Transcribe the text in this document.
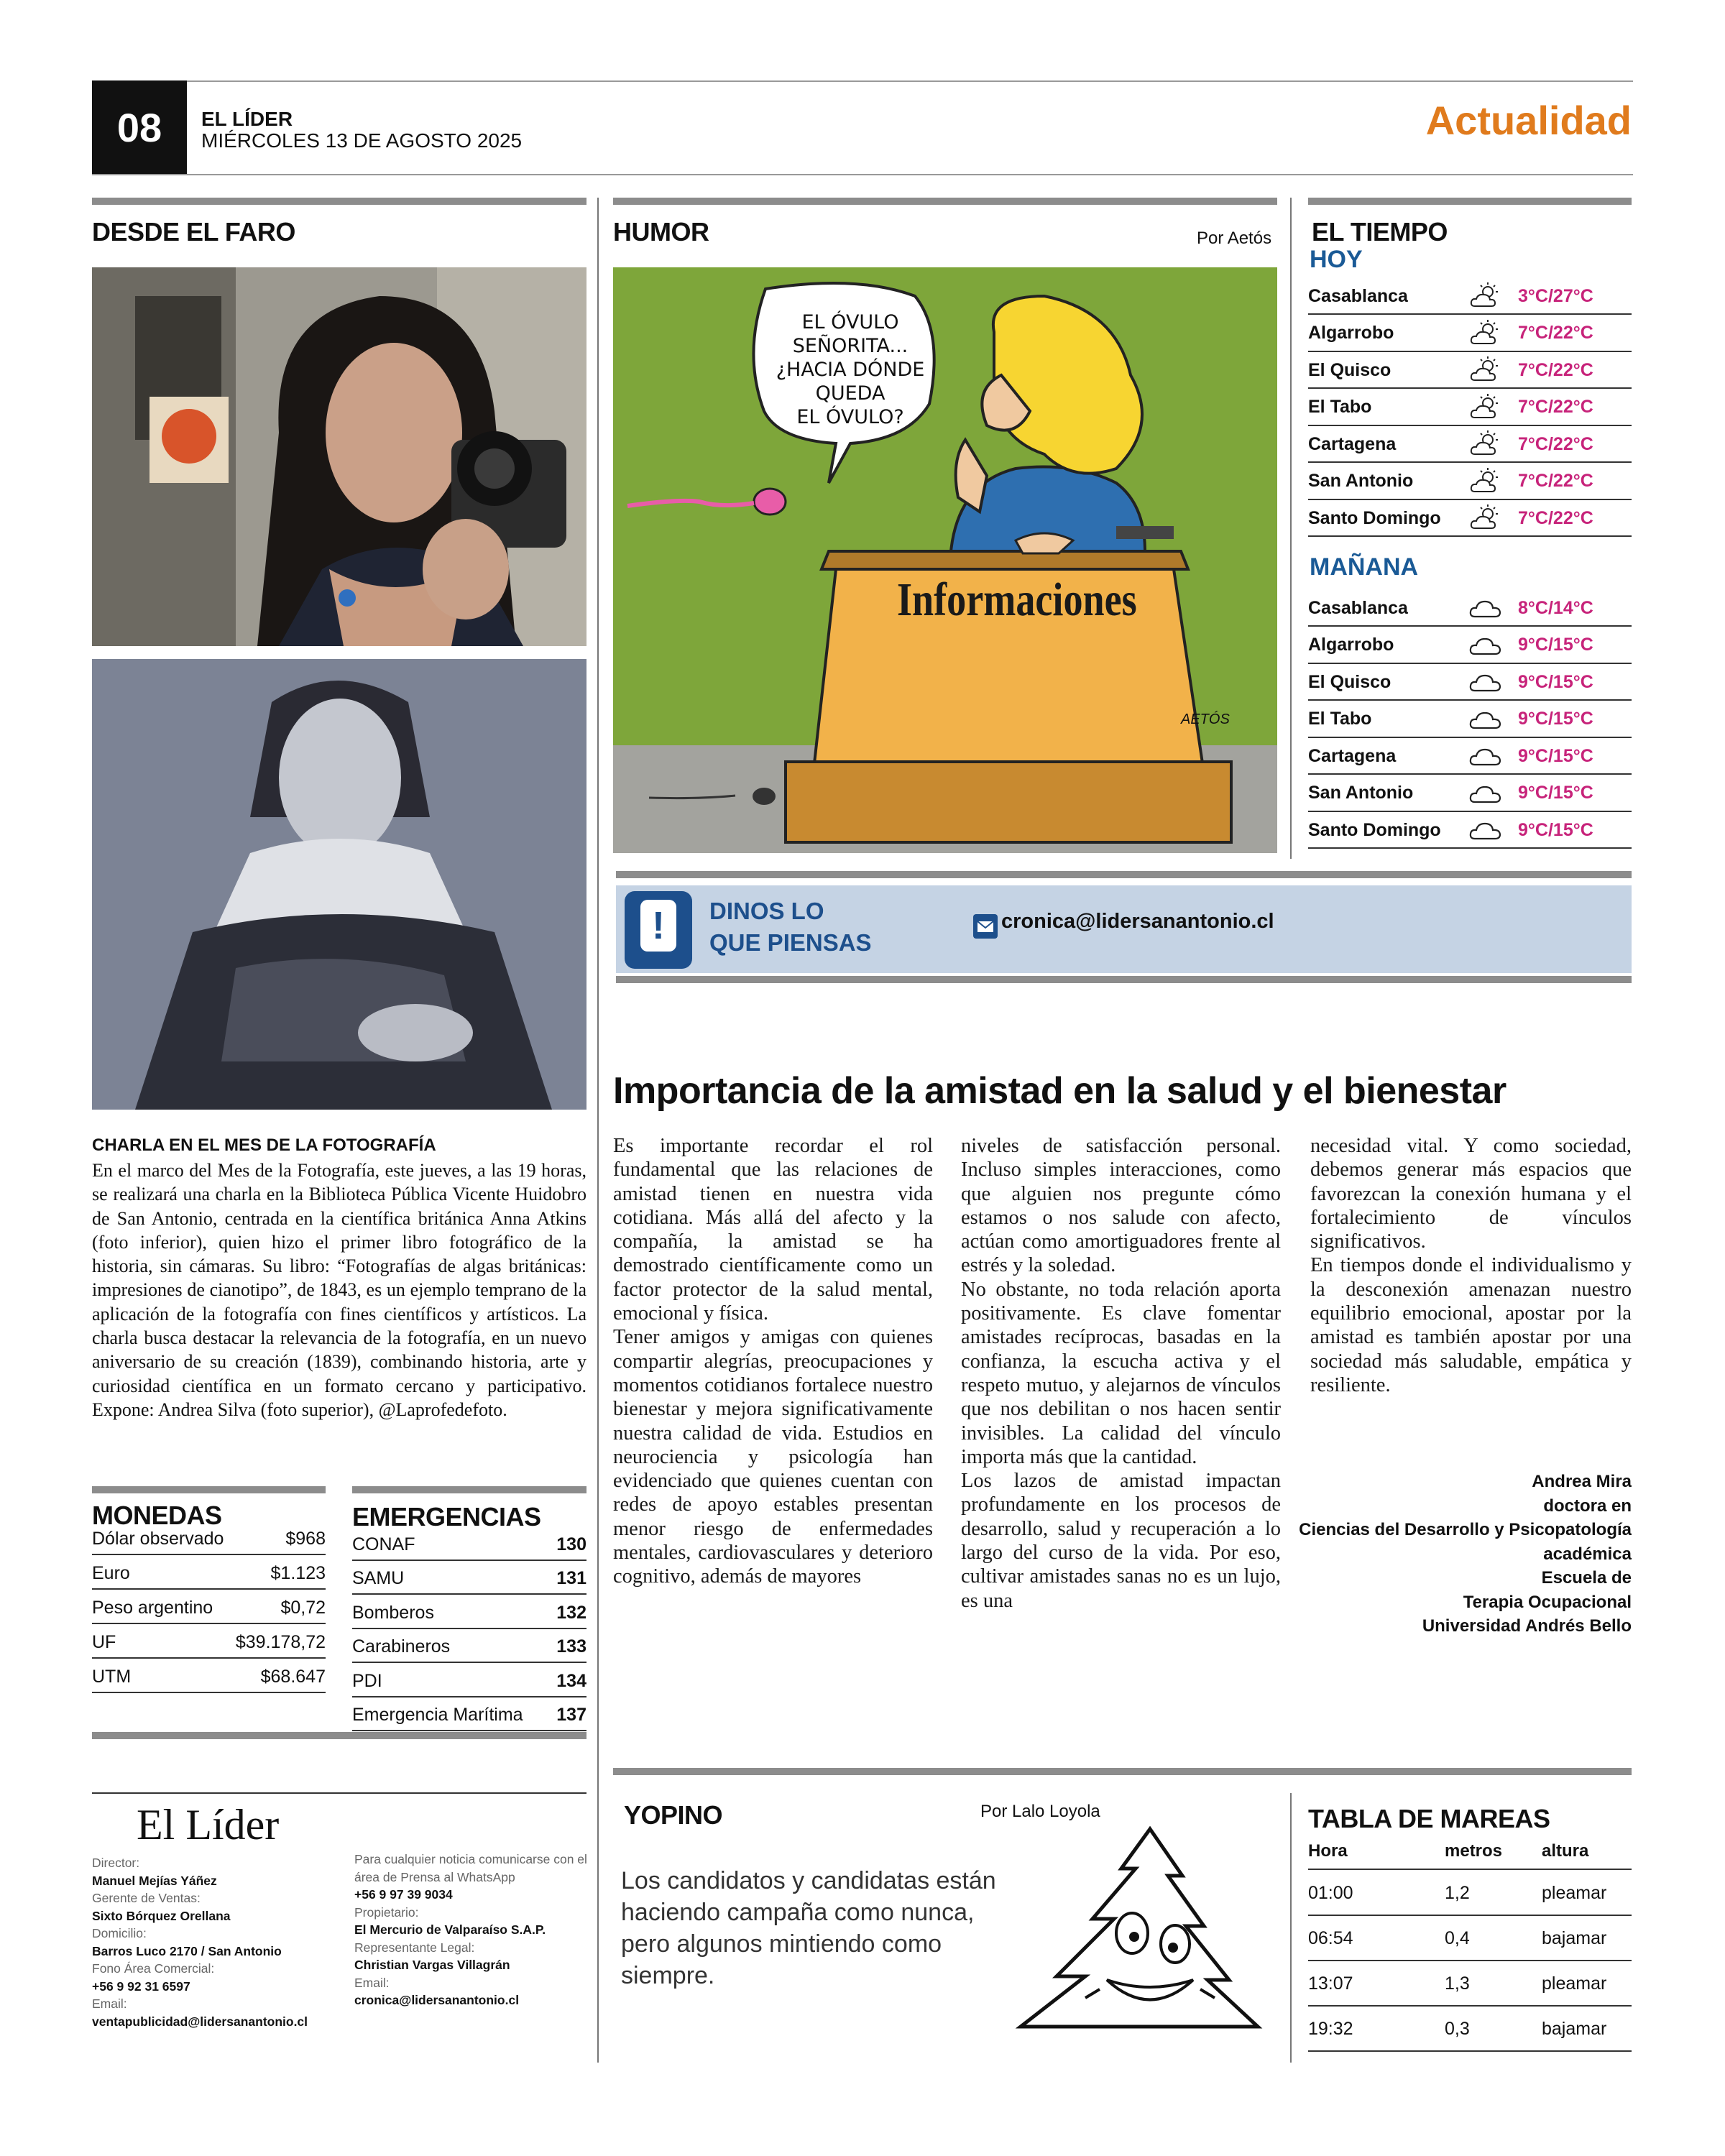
08	EL LÍDER
MIÉRCOLES 13 DE AGOSTO 2025	Actualidad
DESDE EL FARO
CHARLA EN EL MES DE LA FOTOGRAFÍA
En el marco del Mes de la Fotografía, este jueves, a las 19 horas, se realizará una charla en la Biblioteca Pública Vicente Huidobro de San Antonio, centrada en la científica británica Anna Atkins (foto inferior), quien hizo el primer libro fotográfico de la historia, sin cámaras. Su libro: “Fotografías de algas británicas: impresiones de cianotipo”, de 1843, es un ejemplo temprano de la aplicación de la fotografía con fines científicos y artísticos. La charla busca destacar la relevancia de la fotografía, en un nuevo aniversario de su creación (1839), combinando historia, arte y curiosidad científica en un formato cercano y participativo. Expone: Andrea Silva (foto superior), @Laprofedefoto.
MONEDAS
Dólar observado	$968
Euro	$1.123
Peso argentino	$0,72
UF	$39.178,72
UTM	$68.647
EMERGENCIAS
CONAF	130
SAMU	131
Bomberos	132
Carabineros	133
PDI	134
Emergencia Marítima 137
El Líder
Director:
Manuel Mejías Yáñez
Gerente de Ventas:
Sixto Bórquez Orellana
Domicilio:
Barros Luco 2170 / San Antonio
Fono Área Comercial:
+56 9 92 31 6597
Email:
ventapublicidad@lidersanantonio.cl
Para cualquier noticia comunicarse con el área de Prensa al WhatsApp
+56 9 97 39 9034
Propietario:
El Mercurio de Valparaíso S.A.P.
Representante Legal:
Christian Vargas Villagrán
Email:
cronica@lidersanantonio.cl
HUMOR	Por Aetós
EL ÓVULO
SEÑORITA...
¿HACIA DÓNDE
QUEDA
EL ÓVULO?
Informaciones
AETÓS
EL TIEMPO
HOY
Casablanca	3°C/27°C
Algarrobo	7°C/22°C
El Quisco	7°C/22°C
El Tabo	7°C/22°C
Cartagena	7°C/22°C
San Antonio	7°C/22°C
Santo Domingo	7°C/22°C
MAÑANA
Casablanca	8°C/14°C
Algarrobo	9°C/15°C
El Quisco	9°C/15°C
El Tabo	9°C/15°C
Cartagena	9°C/15°C
San Antonio	9°C/15°C
Santo Domingo	9°C/15°C
!	DINOS LO
QUE PIENSAS
cronica@lidersanantonio.cl
Importancia de la amistad en la salud y el bienestar

Es importante recordar el rol fundamental que las relaciones de amistad tienen en nuestra vida cotidiana. Más allá del afecto y la compañía, la amistad se ha demostrado científicamente como un factor protector de la salud mental, emocional y física.

Tener amigos y amigas con quienes compartir alegrías, preocupaciones y momentos cotidianos fortalece nuestro bienestar y mejora significativamente nuestra calidad de vida. Estudios en neurociencia y psicología han evidenciado que quienes cuentan con redes de apoyo estables presentan menor riesgo de enfermedades mentales, cardiovasculares y deterioro cognitivo, además de mayores

niveles de satisfacción personal. Incluso simples interacciones, como que alguien nos pregunte cómo estamos o nos salude con afecto, actúan como amortiguadores frente al estrés y la soledad.

No obstante, no toda relación aporta positivamente. Es clave fomentar amistades recíprocas, basadas en la confianza, la escucha activa y el respeto mutuo, y alejarnos de vínculos que nos debilitan o nos hacen sentir invisibles. La calidad del vínculo importa más que la cantidad.

Los lazos de amistad impactan profundamente en los procesos de desarrollo, salud y recuperación a lo largo del curso de la vida. Por eso, cultivar amistades sanas no es un lujo, es una

necesidad vital. Y como sociedad, debemos generar más espacios que favorezcan la conexión humana y el fortalecimiento de vínculos significativos.

En tiempos donde el individualismo y la desconexión amenazan nuestro equilibrio emocional, apostar por la amistad es también apostar por una sociedad más saludable, empática y resiliente.

Andrea Mira
doctora en
Ciencias del Desarrollo y Psicopatología
académica
Escuela de
Terapia Ocupacional
Universidad Andrés Bello
YOPINO	Por Lalo Loyola
Los candidatos y candidatas están haciendo campaña como nunca, pero algunos mintiendo como siempre.
TABLA DE MAREAS
Hora	metros	altura
01:00	1,2	pleamar
06:54	0,4	bajamar
13:07	1,3	pleamar
19:32	0,3	bajamar
